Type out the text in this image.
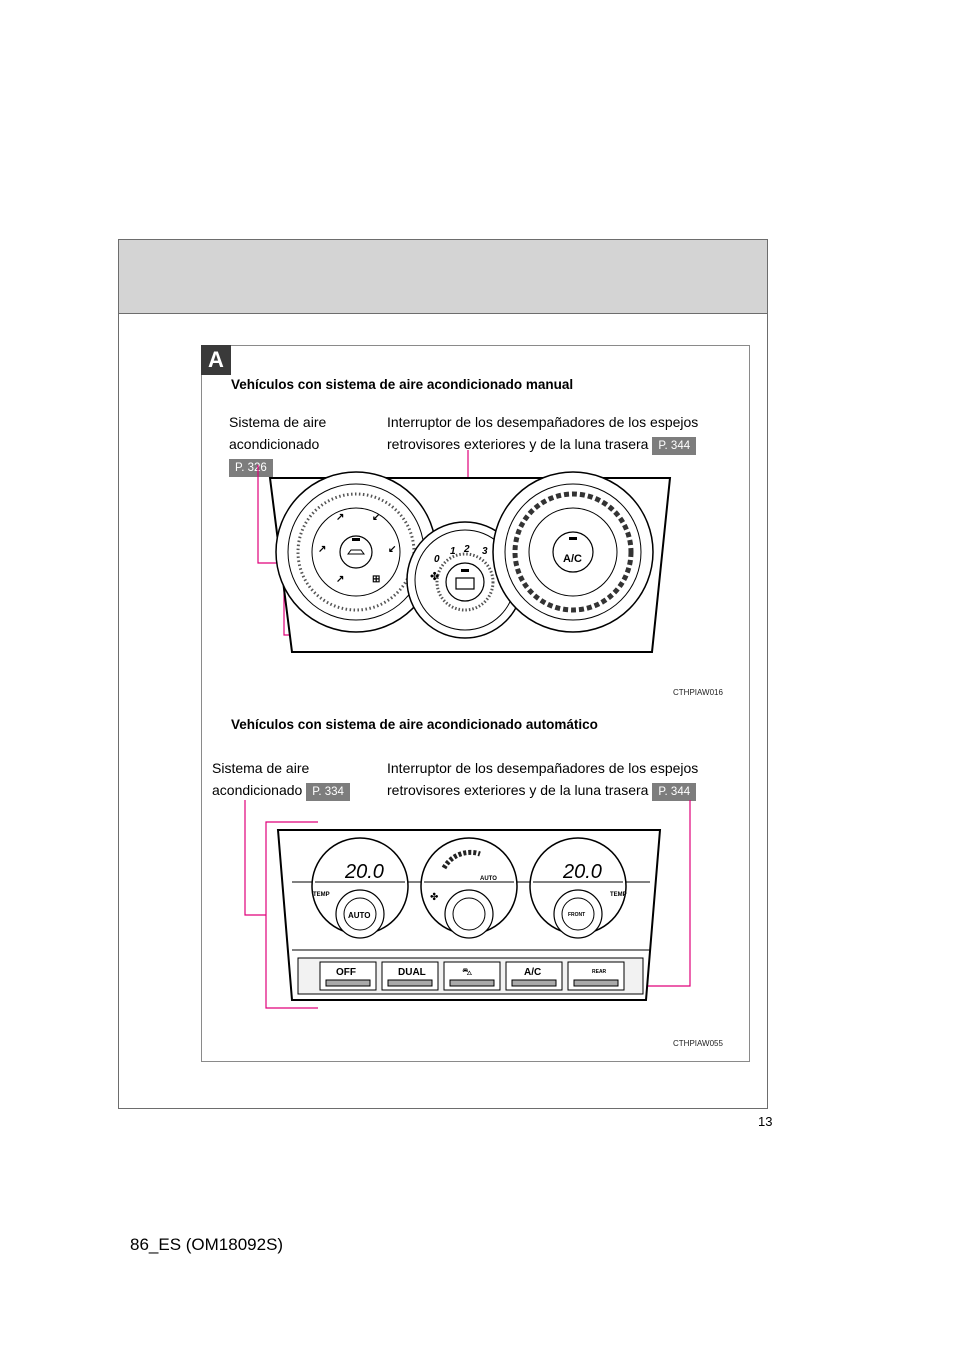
A
Vehículos con sistema de aire acondicionado manual
Sistema de aire
acondicionado
P. 326
Interruptor de los desempañadores de los espejos
retrovisores exteriores y de la luna trasera P. 344
↗	↙
↗	↙
↗	⊞
0
1 2 3
✤
A/C
CTHPIAW016
Vehículos con sistema de aire acondicionado automático
Sistema de aire
acondicionado P. 334
Interruptor de los desempañadores de los espejos
retrovisores exteriores y de la luna trasera P. 344
20.0
AUTO
TEMP
AUTO
✤
20.0
FRONT
TEMP
OFF	DUAL	⛍	A/C	REAR
CTHPIAW055
13
86_ES (OM18092S)
